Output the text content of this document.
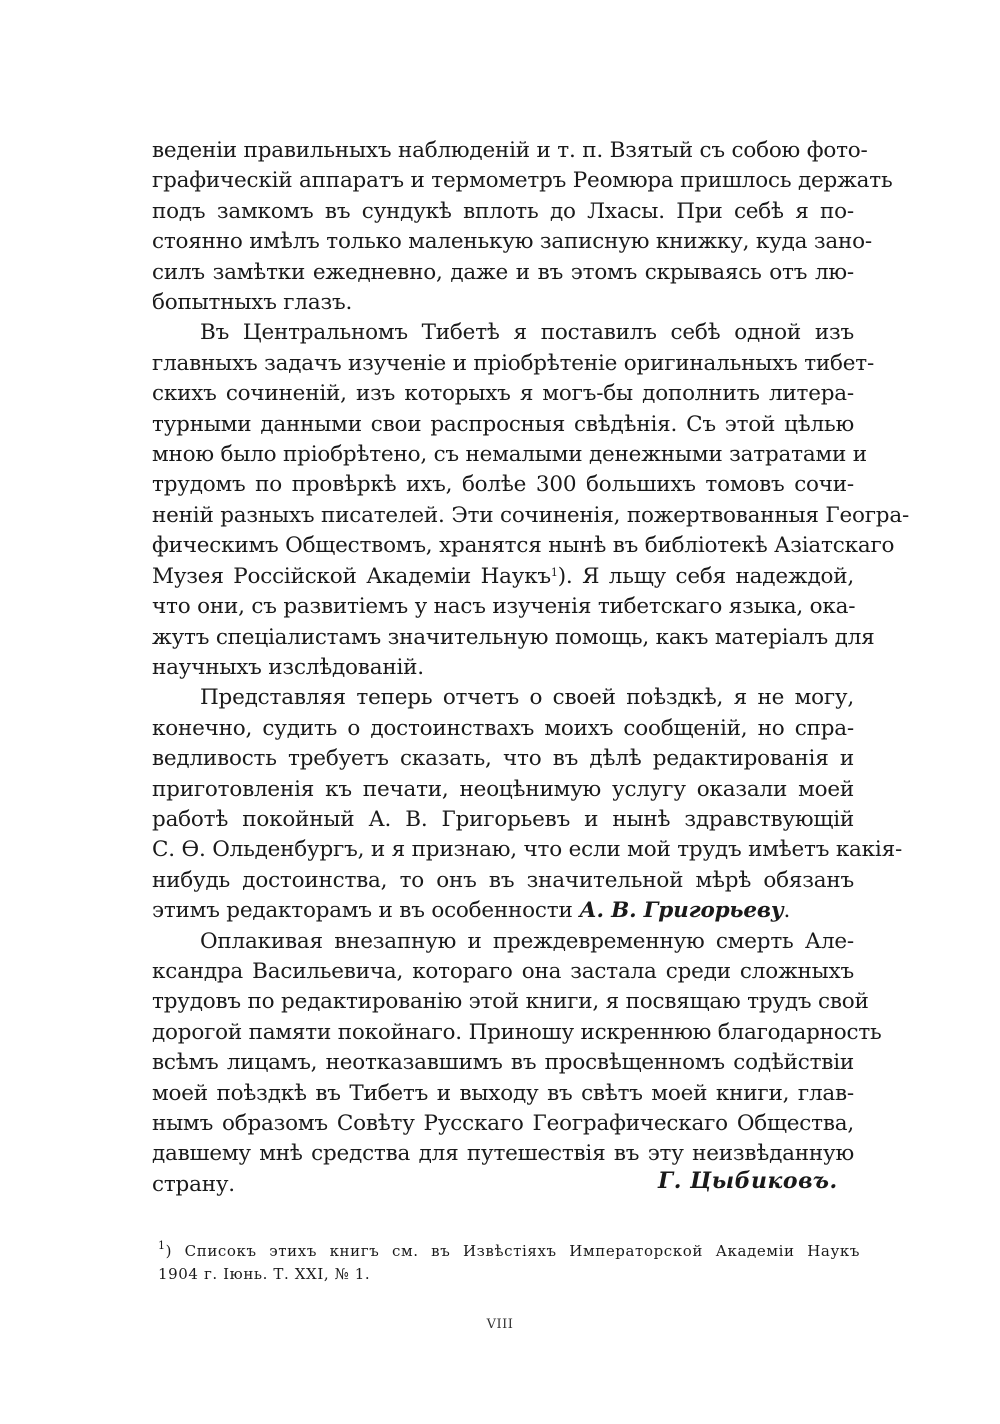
веденіи правильныхъ наблюденій и т. п. Взятый съ собою фото-
графическій аппаратъ и термометръ Реомюра пришлось держать
подъ замкомъ въ сундукѣ вплоть до Лхасы. При себѣ я по-
стоянно имѣлъ только маленькую записную книжку, куда зано-
силъ замѣтки ежедневно, даже и въ этомъ скрываясь отъ лю-
бопытныхъ глазъ.
Въ Центральномъ Тибетѣ я поставилъ себѣ одной изъ
главныхъ задачъ изученіе и пріобрѣтеніе оригинальныхъ тибет-
скихъ сочиненій, изъ которыхъ я могъ-бы дополнить литера-
турными данными свои распросныя свѣдѣнія. Съ этой цѣлью
мною было пріобрѣтено, съ немалыми денежными затратами и
трудомъ по провѣркѣ ихъ, болѣе 300 большихъ томовъ сочи-
неній разныхъ писателей. Эти сочиненія, пожертвованныя Геогра-
фическимъ Обществомъ, хранятся нынѣ въ библіотекѣ Азіатскаго
Музея Россійской Академіи Наукъ$^1$). Я льщу себя надеждой,
что они, съ развитіемъ у насъ изученія тибетскаго языка, ока-
жутъ спеціалистамъ значительную помощь, какъ матеріалъ для
научныхъ изслѣдованій.
Представляя теперь отчетъ о своей поѣздкѣ, я не могу,
конечно, судить о достоинствахъ моихъ сообщеній, но спра-
ведливость требуетъ сказать, что въ дѣлѣ редактированія и
приготовленія къ печати, неоцѣнимую услугу оказали моей
работѣ покойный А. В. Григорьевъ и нынѣ здравствующій
С. Ѳ. Ольденбургъ, и я признаю, что если мой трудъ имѣетъ какія-
нибудь достоинства, то онъ въ значительной мѣрѣ обязанъ
этимъ редакторамъ и въ особенности А. В. Григорьеву.
Оплакивая внезапную и преждевременную смерть Але-
ксандра Васильевича, котораго она застала среди сложныхъ
трудовъ по редактированію этой книги, я посвящаю трудъ свой
дорогой памяти покойнаго. Приношу искреннюю благодарность
всѣмъ лицамъ, неотказавшимъ въ просвѣщенномъ содѣйствіи
моей поѣздкѣ въ Тибетъ и выходу въ свѣтъ моей книги, глав-
нымъ образомъ Совѣту Русскаго Географическаго Общества,
давшему мнѣ средства для путешествія въ эту неизвѣданную
страну.	Г. Цыбиковъ.
$^1$) Списокъ этихъ книгъ см. въ Извѣстіяхъ Императорской Академіи Наукъ
1904 г. Іюнь. Т. XXI, № 1.
VIII
